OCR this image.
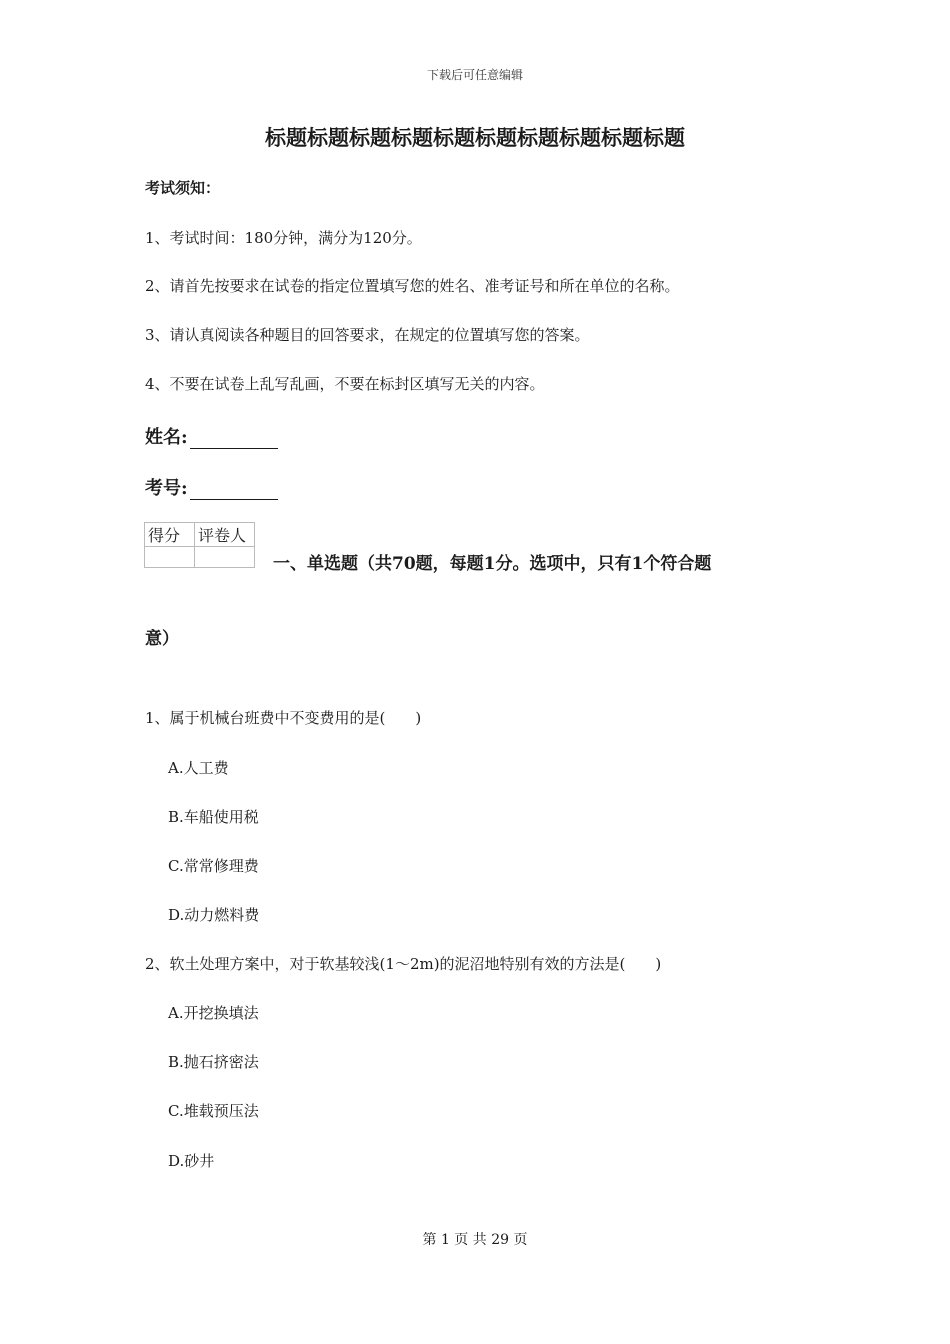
下载后可任意编辑

标题标题标题标题标题标题标题标题标题标题

考试须知：

1、考试时间：180分钟，满分为120分。

2、请首先按要求在试卷的指定位置填写您的姓名、准考证号和所在单位的名称。

3、请认真阅读各种题目的回答要求，在规定的位置填写您的答案。

4、不要在试卷上乱写乱画，不要在标封区填写无关的内容。

姓名:
考号:
得分	评卷人

一、单选题（共70题，每题1分。选项中，只有1个符合题

意）

1、属于机械台班费中不变费用的是(　　)

A.人工费

B.车船使用税

C.常常修理费

D.动力燃料费

2、软土处理方案中，对于软基较浅(1～2m)的泥沼地特别有效的方法是(　　)

A.开挖换填法

B.抛石挤密法

C.堆载预压法

D.砂井

第 1 页 共 29 页
